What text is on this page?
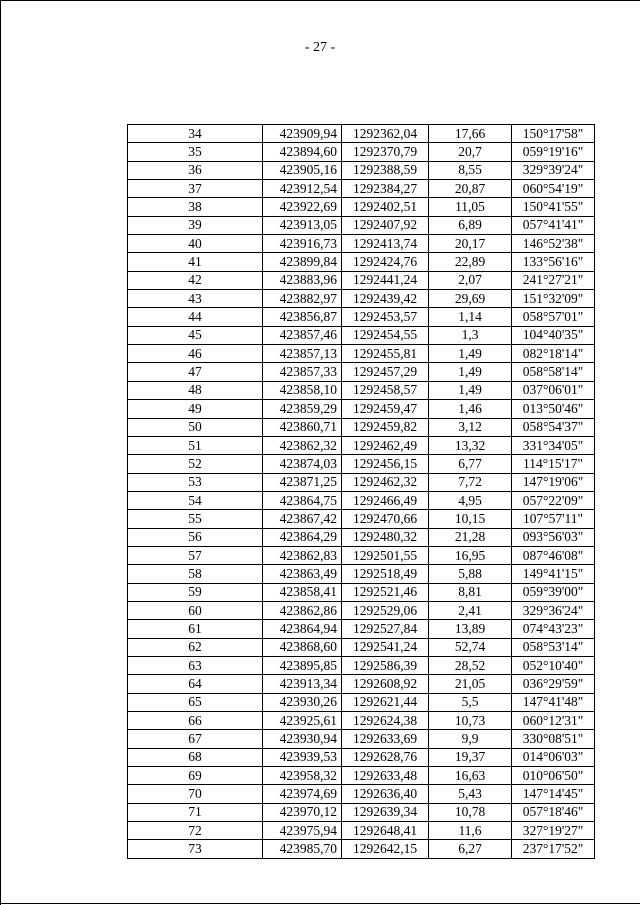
- 27 -
34	423909,94	1292362,04	17,66	150°17'58"
35	423894,60	1292370,79	20,7	059°19'16"
36	423905,16	1292388,59	8,55	329°39'24"
37	423912,54	1292384,27	20,87	060°54'19"
38	423922,69	1292402,51	11,05	150°41'55"
39	423913,05	1292407,92	6,89	057°41'41"
40	423916,73	1292413,74	20,17	146°52'38"
41	423899,84	1292424,76	22,89	133°56'16"
42	423883,96	1292441,24	2,07	241°27'21"
43	423882,97	1292439,42	29,69	151°32'09"
44	423856,87	1292453,57	1,14	058°57'01"
45	423857,46	1292454,55	1,3	104°40'35"
46	423857,13	1292455,81	1,49	082°18'14"
47	423857,33	1292457,29	1,49	058°58'14"
48	423858,10	1292458,57	1,49	037°06'01"
49	423859,29	1292459,47	1,46	013°50'46"
50	423860,71	1292459,82	3,12	058°54'37"
51	423862,32	1292462,49	13,32	331°34'05"
52	423874,03	1292456,15	6,77	114°15'17"
53	423871,25	1292462,32	7,72	147°19'06"
54	423864,75	1292466,49	4,95	057°22'09"
55	423867,42	1292470,66	10,15	107°57'11"
56	423864,29	1292480,32	21,28	093°56'03"
57	423862,83	1292501,55	16,95	087°46'08"
58	423863,49	1292518,49	5,88	149°41'15"
59	423858,41	1292521,46	8,81	059°39'00"
60	423862,86	1292529,06	2,41	329°36'24"
61	423864,94	1292527,84	13,89	074°43'23"
62	423868,60	1292541,24	52,74	058°53'14"
63	423895,85	1292586,39	28,52	052°10'40"
64	423913,34	1292608,92	21,05	036°29'59"
65	423930,26	1292621,44	5,5	147°41'48"
66	423925,61	1292624,38	10,73	060°12'31"
67	423930,94	1292633,69	9,9	330°08'51"
68	423939,53	1292628,76	19,37	014°06'03"
69	423958,32	1292633,48	16,63	010°06'50"
70	423974,69	1292636,40	5,43	147°14'45"
71	423970,12	1292639,34	10,78	057°18'46"
72	423975,94	1292648,41	11,6	327°19'27"
73	423985,70	1292642,15	6,27	237°17'52"
